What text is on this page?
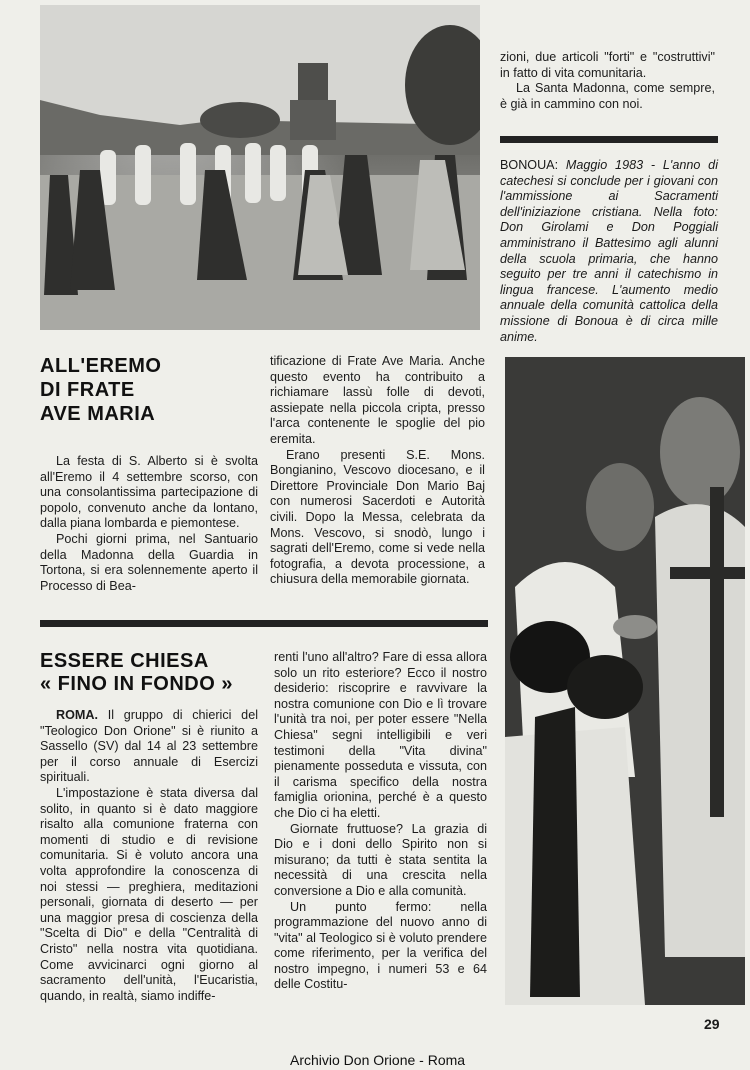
zioni, due articoli "forti" e "costruttivi" in fatto di vita comunitaria.

La Santa Madonna, come sempre, è già in cammino con noi.

BONOUA: Maggio 1983 - L'anno di catechesi si conclude per i giovani con l'ammissione ai Sacramenti dell'iniziazione cristiana. Nella foto: Don Girolami e Don Poggiali amministrano il Battesimo agli alunni della scuola primaria, che hanno seguito per tre anni il catechismo in lingua francese. L'aumento medio annuale della comunità cattolica della missione di Bonoua è di circa mille anime.
ALL'EREMO
DI FRATE
AVE MARIA

La festa di S. Alberto si è svolta all'Eremo il 4 settembre scorso, con una consolantissima partecipazione di popolo, convenuto anche da lontano, dalla piana lombarda e piemontese.

Pochi giorni prima, nel Santuario della Madonna della Guardia in Tortona, si era solennemente aperto il Processo di Bea-

tificazione di Frate Ave Maria. Anche questo evento ha contribuito a richiamare lassù folle di devoti, assiepate nella piccola cripta, presso l'arca contenente le spoglie del pio eremita.

Erano presenti S.E. Mons. Bongianino, Vescovo diocesano, e il Direttore Provinciale Don Mario Baj con numerosi Sacerdoti e Autorità civili. Dopo la Messa, celebrata da Mons. Vescovo, si snodò, lungo i sagrati dell'Eremo, come si vede nella fotografia, a devota processione, a chiusura della memorabile giornata.

ESSERE CHIESA
« FINO IN FONDO »

ROMA. Il gruppo di chierici del "Teologico Don Orione" si è riunito a Sassello (SV) dal 14 al 23 settembre per il corso annuale di Esercizi spirituali.

L'impostazione è stata diversa dal solito, in quanto si è dato maggiore risalto alla comunione fraterna con momenti di studio e di revisione comunitaria. Si è voluto ancora una volta approfondire la conoscenza di noi stessi — preghiera, meditazioni personali, giornata di deserto — per una maggior presa di coscienza della "Scelta di Dio" e della "Centralità di Cristo" nella nostra vita quotidiana. Come avvicinarci ogni giorno al sacramento dell'unità, l'Eucaristia, quando, in realtà, siamo indiffe-

renti l'uno all'altro? Fare di essa allora solo un rito esteriore? Ecco il nostro desiderio: riscoprire e ravvivare la nostra comunione con Dio e lì trovare l'unità tra noi, per poter essere "Nella Chiesa" segni intelligibili e veri testimoni della "Vita divina" pienamente posseduta e vissuta, con il carisma specifico della nostra famiglia orionina, perché è a questo che Dio ci ha eletti.

Giornate fruttuose? La grazia di Dio e i doni dello Spirito non si misurano; da tutti è stata sentita la necessità di una crescita nella conversione a Dio e alla comunità.

Un punto fermo: nella programmazione del nuovo anno di "vita" al Teologico si è voluto prendere come riferimento, per la verifica del nostro impegno, i numeri 53 e 64 delle Costitu-

29
Archivio Don Orione - Roma
